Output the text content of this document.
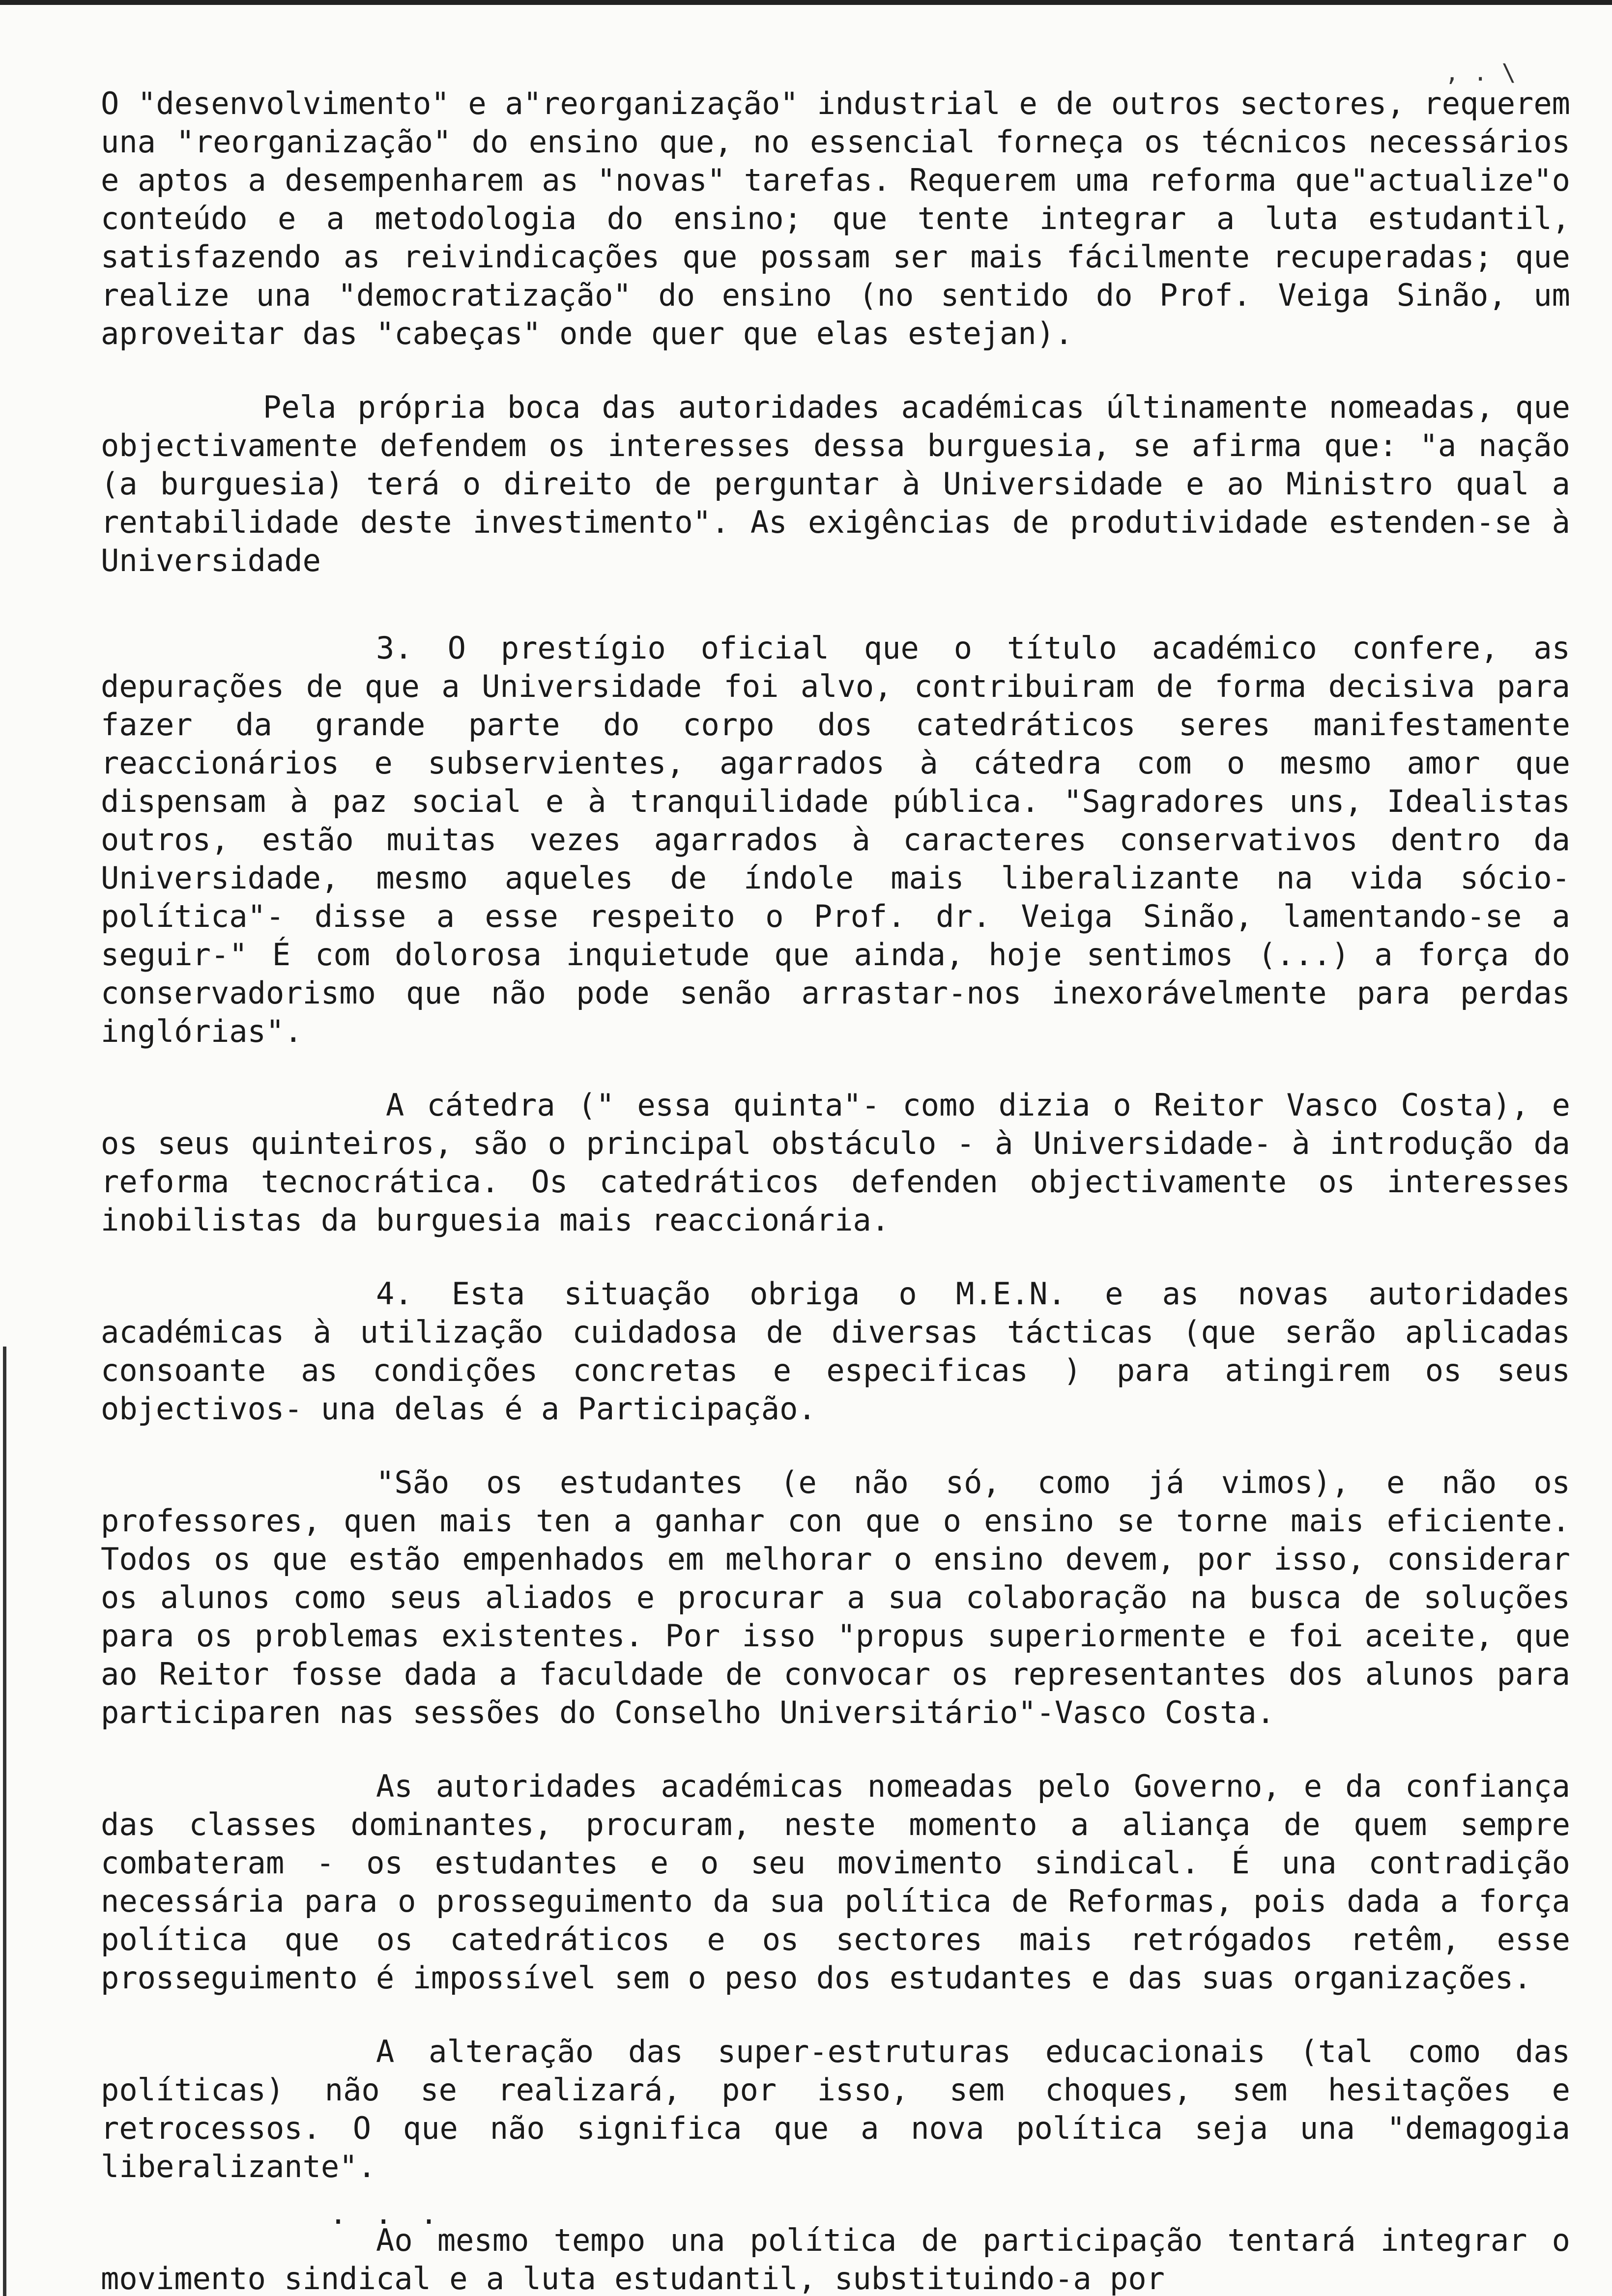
, . \

O "desenvolvimento" e a"reorganização" industrial e de outros sectores, requerem una "reorganização" do ensino que, no essencial forneça os técnicos necessários e aptos a desempenharem as "novas" tarefas. Requerem uma reforma que"actualize"o conteúdo e a metodologia do ensino; que tente integrar a luta estudantil, satisfazendo as reivindicações que possam ser mais fácilmente recuperadas; que realize una "democratização" do ensino (no sentido do Prof. Veiga Sinão, um aproveitar das "cabeças" onde quer que elas estejan).

Pela própria boca das autoridades académicas últinamente nomeadas, que objectivamente defendem os interesses dessa burguesia, se afirma que: "a nação (a burguesia) terá o direito de perguntar à Universidade e ao Ministro qual a rentabilidade deste investimento". As exigências de produtividade estenden-se à Universidade

3. O prestígio oficial que o título académico confere, as depurações de que a Universidade foi alvo, contribuiram de forma decisiva para fazer da grande parte do corpo dos catedráticos seres manifestamente reaccionários e subservientes, agarrados à cátedra com o mesmo amor que dispensam à paz social e à tranquilidade pública. "Sagradores uns, Idealistas outros, estão muitas vezes agarrados à caracteres conservativos dentro da Universidade, mesmo aqueles de índole mais liberalizante na vida sócio-política"- disse a esse respeito o Prof. dr. Veiga Sinão, lamentando-se a seguir-" É com dolorosa inquietude que ainda, hoje sentimos (...) a força do conservadorismo que não pode senão arrastar-nos inexorávelmente para perdas inglórias".

A cátedra (" essa quinta"- como dizia o Reitor Vasco Costa), e os seus quinteiros, são o principal obstáculo - à Universidade- à introdução da reforma tecnocrática. Os catedráticos defenden objectivamente os interesses inobilistas da burguesia mais reaccionária.

4. Esta situação obriga o M.E.N. e as novas autoridades académicas à utilização cuidadosa de diversas tácticas (que serão aplicadas consoante as condições concretas e especificas ) para atingirem os seus objectivos- una delas é a Participação.

"São os estudantes (e não só, como já vimos), e não os professores, quen mais ten a ganhar con que o ensino se torne mais eficiente. Todos os que estão empenhados em melhorar o ensino devem, por isso, considerar os alunos como seus aliados e procurar a sua colaboração na busca de soluções para os problemas existentes. Por isso "propus superiormente e foi aceite, que ao Reitor fosse dada a faculdade de convocar os representantes dos alunos para participaren nas sessões do Conselho Universitário"-Vasco Costa.

As autoridades académicas nomeadas pelo Governo, e da confiança das classes dominantes, procuram, neste momento a aliança de quem sempre combateram - os estudantes e o seu movimento sindical. É una contradição necessária para o prosseguimento da sua política de Reformas, pois dada a força política que os catedráticos e os sectores mais retrógados retêm, esse prosseguimento é impossível sem o peso dos estudantes e das suas organizações.

A alteração das super-estruturas educacionais (tal como das políticas) não se realizará, por isso, sem choques, sem hesitações e retrocessos. O que não significa que a nova política seja una "demagogia liberalizante".

Ao mesmo tempo una política de participação tentará integrar o movimento sindical e a luta estudantil, substituindo-a por

. . .
